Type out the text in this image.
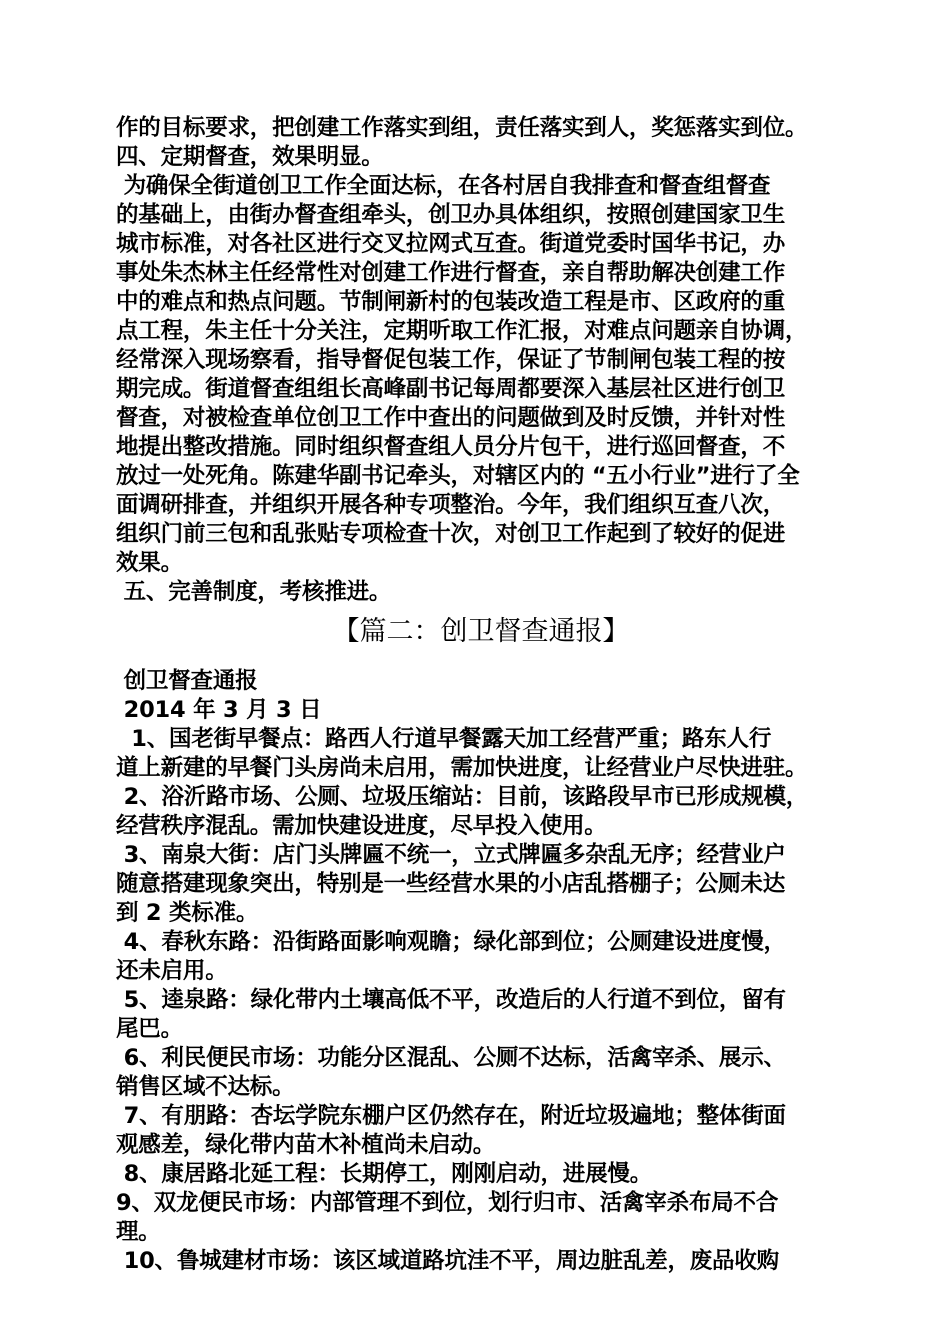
作的目标要求，把创建工作落实到组，责任落实到人，奖惩落实到位。
四、定期督查，效果明显。
为确保全街道创卫工作全面达标，在各村居自我排查和督查组督查
的基础上，由街办督查组牵头，创卫办具体组织，按照创建国家卫生
城市标准，对各社区进行交叉拉网式互查。街道党委时国华书记，办
事处朱杰林主任经常性对创建工作进行督查，亲自帮助解决创建工作
中的难点和热点问题。节制闸新村的包装改造工程是市、区政府的重
点工程，朱主任十分关注，定期听取工作汇报，对难点问题亲自协调，
经常深入现场察看，指导督促包装工作，保证了节制闸包装工程的按
期完成。街道督查组组长高峰副书记每周都要深入基层社区进行创卫
督查，对被检查单位创卫工作中查出的问题做到及时反馈，并针对性
地提出整改措施。同时组织督查组人员分片包干，进行巡回督查，不
放过一处死角。陈建华副书记牵头，对辖区内的 “五小行业”进行了全
面调研排查，并组织开展各种专项整治。今年，我们组织互查八次，
组织门前三包和乱张贴专项检查十次，对创卫工作起到了较好的促进
效果。
五、完善制度，考核推进。
【篇二：创卫督查通报】
创卫督查通报
2014 年 3 月 3 日
1、国老街早餐点：路西人行道早餐露天加工经营严重；路东人行
道上新建的早餐门头房尚未启用，需加快进度，让经营业户尽快进驻。
2、浴沂路市场、公厕、垃圾压缩站：目前，该路段早市已形成规模，
经营秩序混乱。需加快建设进度，尽早投入使用。
3、南泉大街：店门头牌匾不统一，立式牌匾多杂乱无序；经营业户
随意搭建现象突出，特别是一些经营水果的小店乱搭棚子；公厕未达
到 2 类标准。
4、春秋东路：沿街路面影响观瞻；绿化部到位；公厕建设进度慢，
还未启用。
5、逵泉路：绿化带内土壤高低不平，改造后的人行道不到位，留有
尾巴。
6、利民便民市场：功能分区混乱、公厕不达标，活禽宰杀、展示、
销售区域不达标。
7、有朋路：杏坛学院东棚户区仍然存在，附近垃圾遍地；整体街面
观感差，绿化带内苗木补植尚未启动。
8、康居路北延工程：长期停工，刚刚启动，进展慢。
9、双龙便民市场：内部管理不到位，划行归市、活禽宰杀布局不合
理。
10、鲁城建材市场：该区域道路坑洼不平，周边脏乱差，废品收购
